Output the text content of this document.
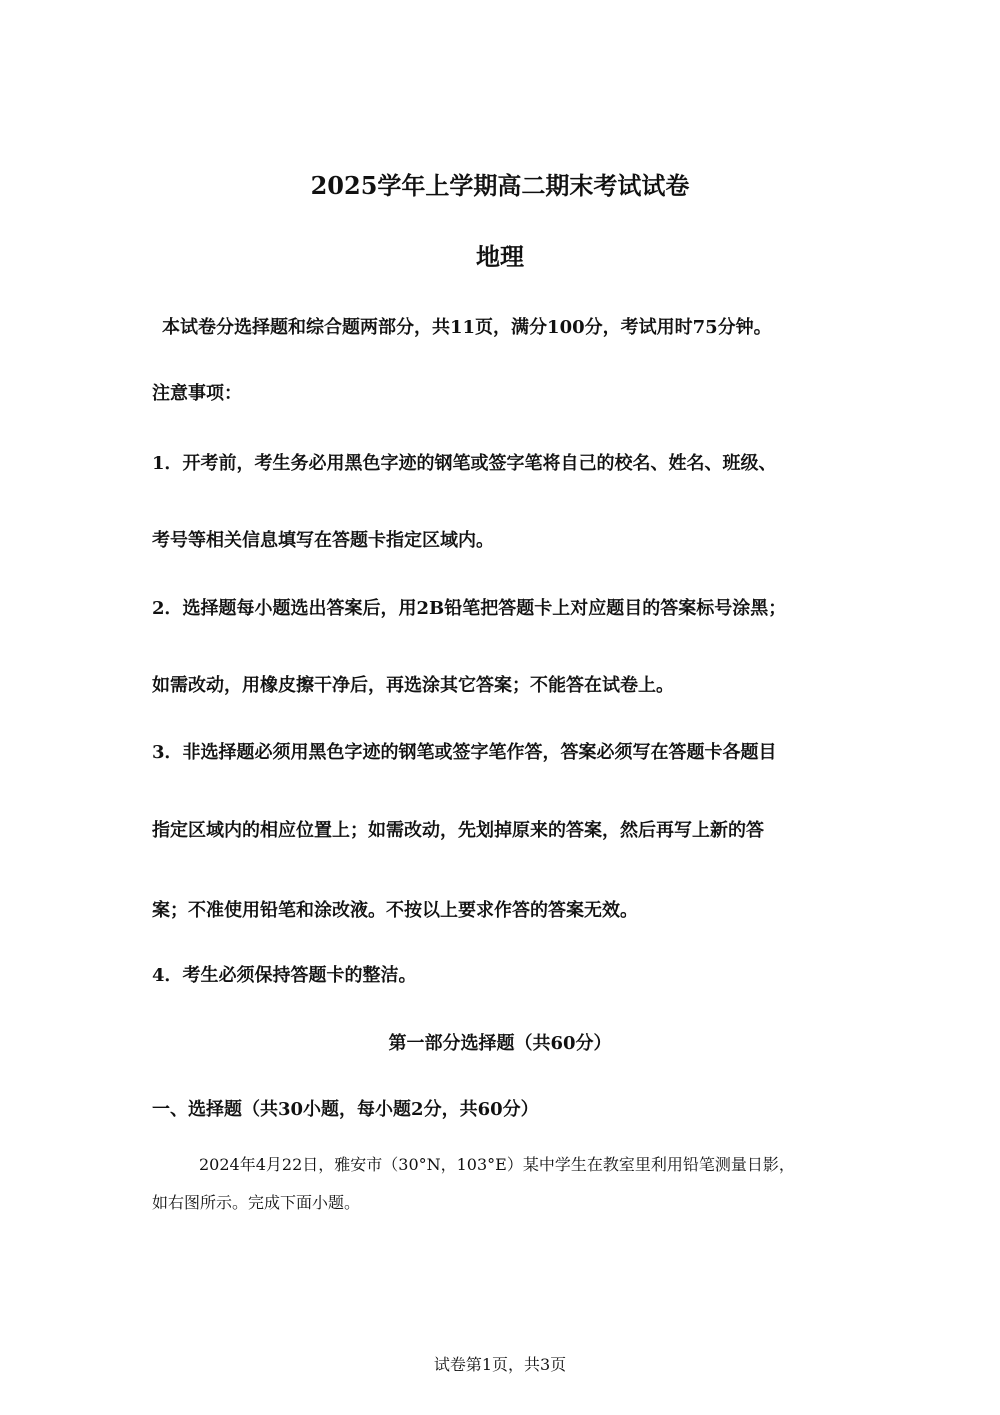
2025学年上学期高二期末考试试卷
地理
本试卷分选择题和综合题两部分，共11页，满分100分，考试用时75分钟。
注意事项：
1．开考前，考生务必用黑色字迹的钢笔或签字笔将自己的校名、姓名、班级、
考号等相关信息填写在答题卡指定区域内。
2．选择题每小题选出答案后，用2B铅笔把答题卡上对应题目的答案标号涂黑；
如需改动，用橡皮擦干净后，再选涂其它答案；不能答在试卷上。
3．非选择题必须用黑色字迹的钢笔或签字笔作答，答案必须写在答题卡各题目
指定区域内的相应位置上；如需改动，先划掉原来的答案，然后再写上新的答
案；不准使用铅笔和涂改液。不按以上要求作答的答案无效。
4．考生必须保持答题卡的整洁。
第一部分选择题（共60分）
一、选择题（共30小题，每小题2分，共60分）
2024年4月22日，雅安市（30°N，103°E）某中学生在教室里利用铅笔测量日影，
如右图所示。完成下面小题。
试卷第1页，共3页
